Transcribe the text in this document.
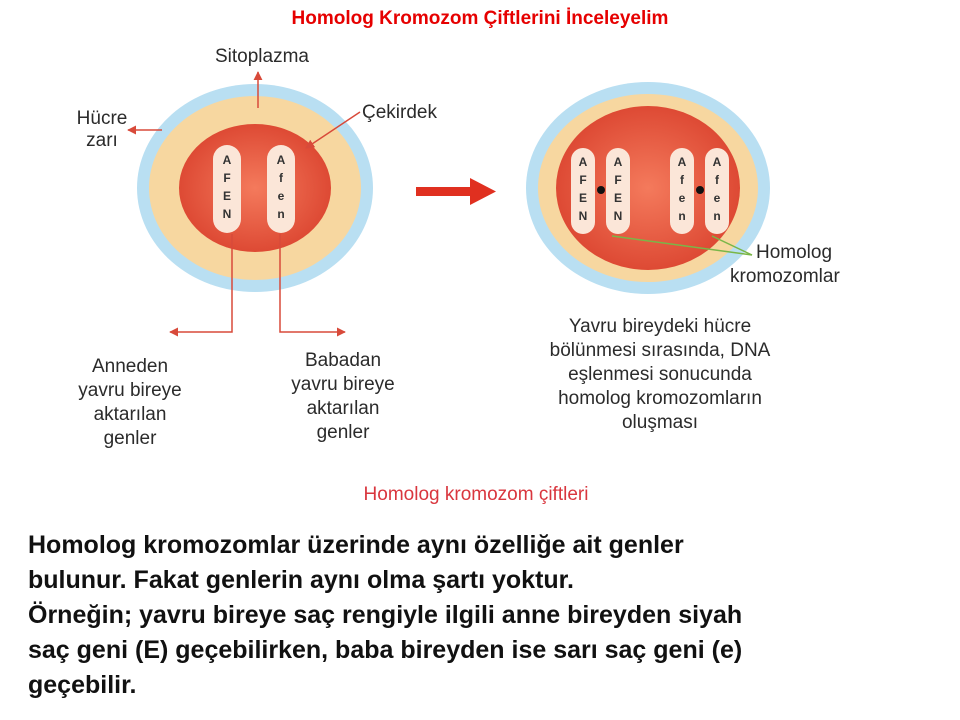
Homolog Kromozom Çiftlerini İnceleyelim
A
F
E
N
A
f
e
n
Sitoplazma
Hücre
zarı
Çekirdek
Anneden
yavru bireye
aktarılan
genler
Babadan
yavru bireye
aktarılan
genler
A
F
E
N
A
F
E
N
A
f
e
n
A
f
e
n
Homolog
kromozomlar
Yavru bireydeki hücre
bölünmesi sırasında, DNA
eşlenmesi sonucunda
homolog kromozomların
oluşması
Homolog kromozom çiftleri
Homolog kromozomlar üzerinde aynı özelliğe ait genler
bulunur. Fakat genlerin aynı olma şartı yoktur.
Örneğin; yavru bireye saç rengiyle ilgili anne bireyden siyah
saç geni (E) geçebilirken, baba bireyden ise sarı saç geni (e)
geçebilir.
